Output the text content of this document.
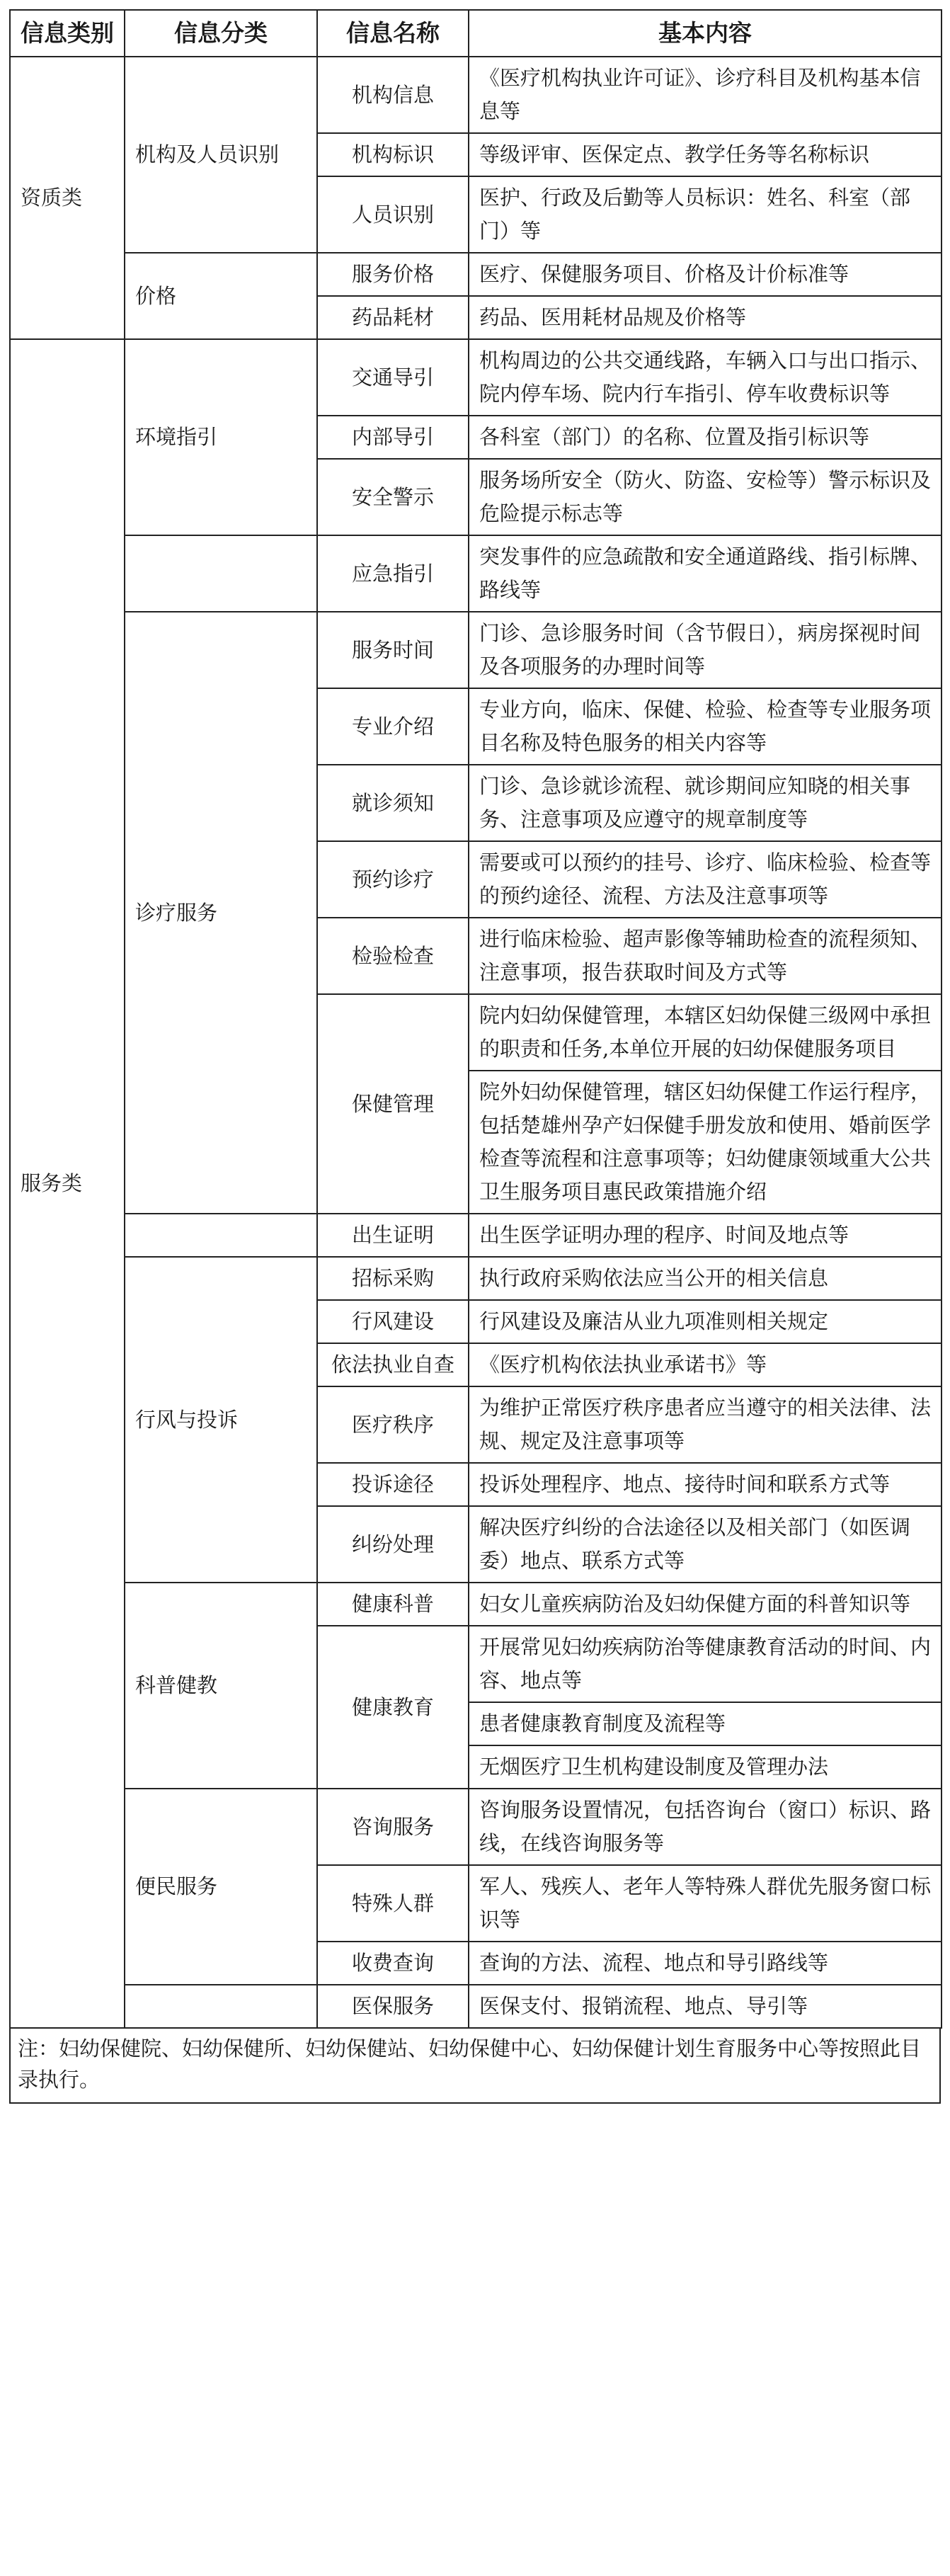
信息类别	信息分类	信息名称	基本内容
资质类	机构及人员识别	机构信息	《医疗机构执业许可证》、诊疗科目及机构基本信息等
		机构标识	等级评审、医保定点、教学任务等名称标识
		人员识别	医护、行政及后勤等人员标识：姓名、科室（部门）等
	价格	服务价格	医疗、保健服务项目、价格及计价标准等
		药品耗材	药品、医用耗材品规及价格等
服务类	环境指引	交通导引	机构周边的公共交通线路，车辆入口与出口指示、院内停车场、院内行车指引、停车收费标识等
		内部导引	各科室（部门）的名称、位置及指引标识等
		安全警示	服务场所安全（防火、防盗、安检等）警示标识及危险提示标志等
		应急指引	突发事件的应急疏散和安全通道路线、指引标牌、路线等
	诊疗服务	服务时间	门诊、急诊服务时间（含节假日），病房探视时间及各项服务的办理时间等
		专业介绍	专业方向，临床、保健、检验、检查等专业服务项目名称及特色服务的相关内容等
		就诊须知	门诊、急诊就诊流程、就诊期间应知晓的相关事务、注意事项及应遵守的规章制度等
		预约诊疗	需要或可以预约的挂号、诊疗、临床检验、检查等的预约途径、流程、方法及注意事项等
		检验检查	进行临床检验、超声影像等辅助检查的流程须知、注意事项，报告获取时间及方式等
		保健管理	院内妇幼保健管理，本辖区妇幼保健三级网中承担的职责和任务,本单位开展的妇幼保健服务项目
			院外妇幼保健管理，辖区妇幼保健工作运行程序，包括楚雄州孕产妇保健手册发放和使用、婚前医学检查等流程和注意事项等；妇幼健康领域重大公共卫生服务项目惠民政策措施介绍
		出生证明	出生医学证明办理的程序、时间及地点等
	行风与投诉	招标采购	执行政府采购依法应当公开的相关信息
		行风建设	行风建设及廉洁从业九项准则相关规定
		依法执业自查	《医疗机构依法执业承诺书》等
		医疗秩序	为维护正常医疗秩序患者应当遵守的相关法律、法规、规定及注意事项等
		投诉途径	投诉处理程序、地点、接待时间和联系方式等
		纠纷处理	解决医疗纠纷的合法途径以及相关部门（如医调委）地点、联系方式等
	科普健教	健康科普	妇女儿童疾病防治及妇幼保健方面的科普知识等
		健康教育	开展常见妇幼疾病防治等健康教育活动的时间、内容、地点等
			患者健康教育制度及流程等
			无烟医疗卫生机构建设制度及管理办法
	便民服务	咨询服务	咨询服务设置情况，包括咨询台（窗口）标识、路线，在线咨询服务等
		特殊人群	军人、残疾人、老年人等特殊人群优先服务窗口标识等
		收费查询	查询的方法、流程、地点和导引路线等
		医保服务	医保支付、报销流程、地点、导引等
注：妇幼保健院、妇幼保健所、妇幼保健站、妇幼保健中心、妇幼保健计划生育服务中心等按照此目录执行。
